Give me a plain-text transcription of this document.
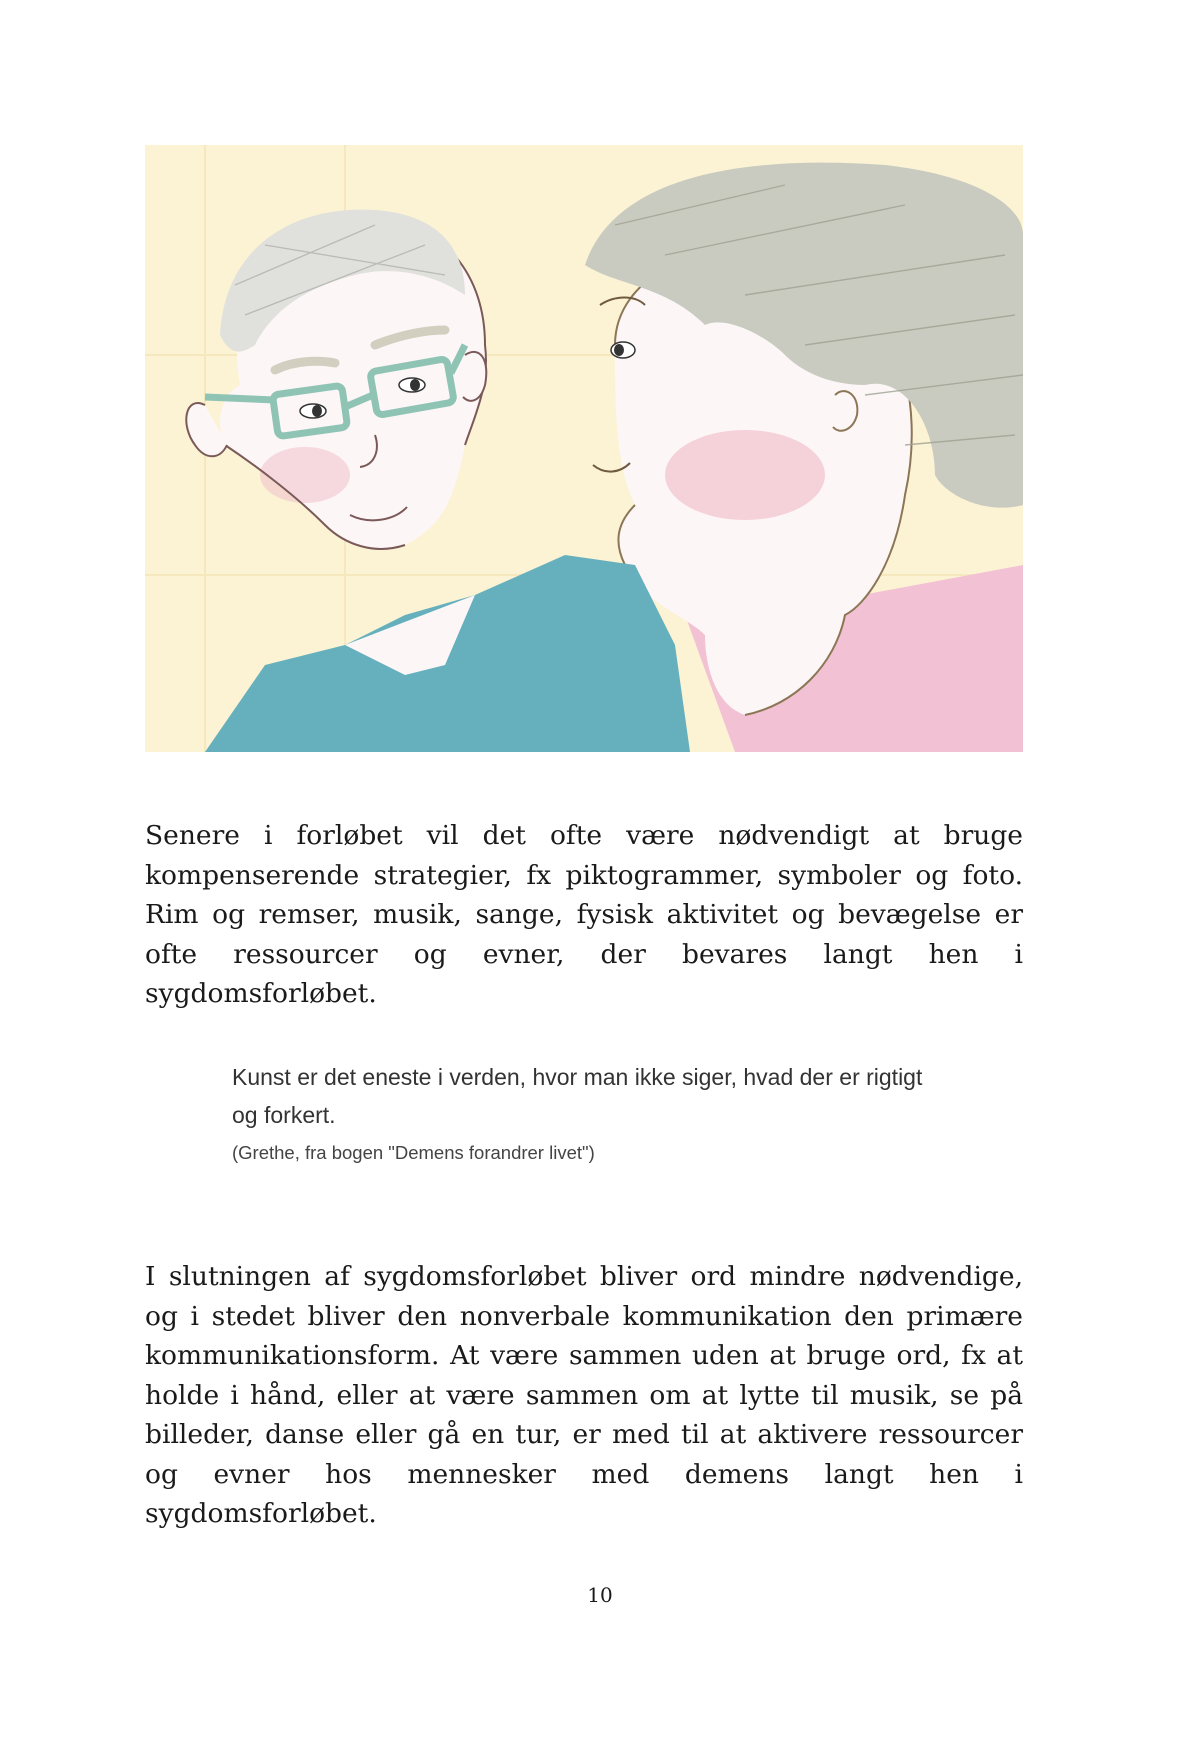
Senere i forløbet vil det ofte være nødvendigt at bruge kompenserende strategier, fx piktogrammer, symboler og foto. Rim og remser, musik, sange, fysisk aktivitet og bevægelse er ofte ressourcer og evner, der bevares langt hen i sygdomsforløbet.

Kunst er det eneste i verden, hvor man ikke siger, hvad der er rigtigt og forkert.

(Grethe, fra bogen "Demens forandrer livet")

I slutningen af sygdomsforløbet bliver ord mindre nødvendige, og i stedet bliver den nonverbale kommunikation den primære kommunikationsform. At være sammen uden at bruge ord, fx at holde i hånd, eller at være sammen om at lytte til musik, se på billeder, danse eller gå en tur, er med til at aktivere ressourcer og evner hos mennesker med demens langt hen i sygdomsforløbet.

10
